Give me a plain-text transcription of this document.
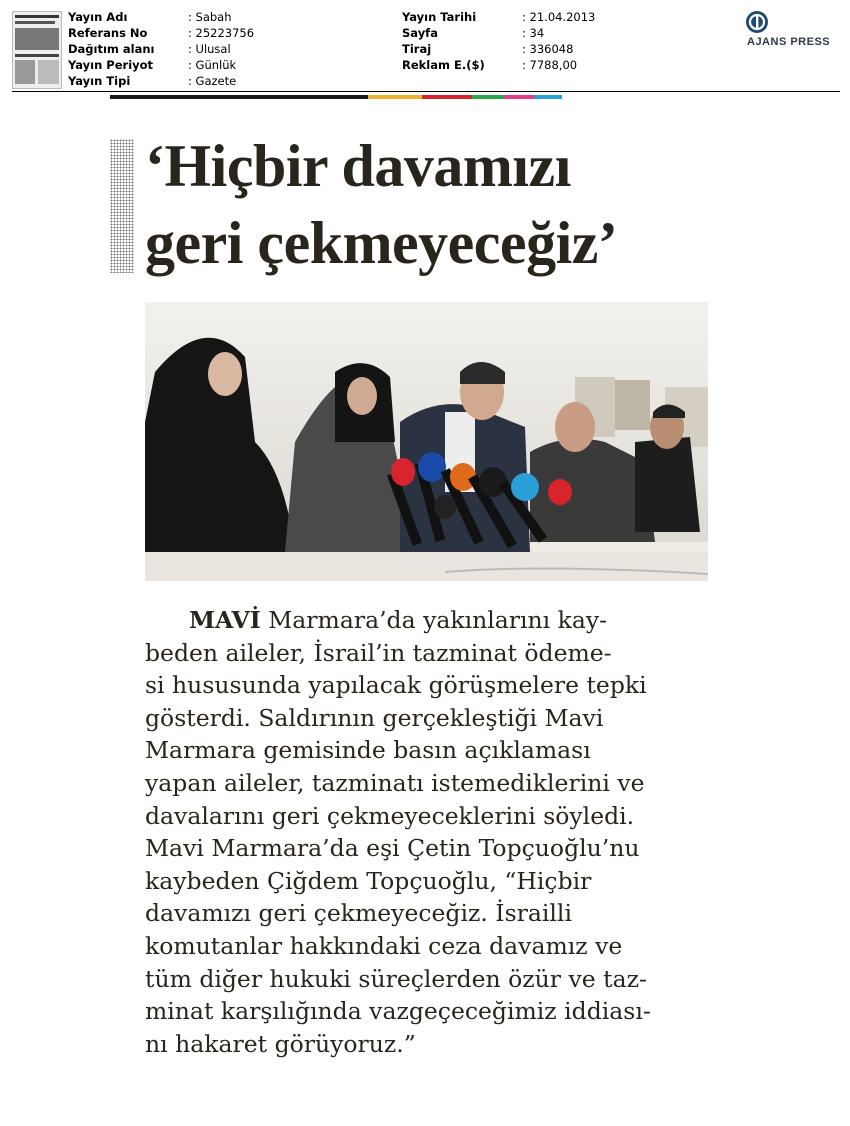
Yayın Adı	: Sabah
Referans No	: 25223756
Dağıtım alanı	: Ulusal
Yayın Periyot	: Günlük
Yayın Tipi	: Gazete
Yayın Tarihi	: 21.04.2013
Sayfa	: 34
Tiraj	: 336048
Reklam E.($)	: 7788,00
AJANS PRESS
‘Hiçbir davamızı
geri çekmeyeceğiz’
MAVİ Marmara’da yakınlarını kay-
beden aileler, İsrail’in tazminat ödeme-
si hususunda yapılacak görüşmelere tepki
gösterdi. Saldırının gerçekleştiği Mavi
Marmara gemisinde basın açıklaması
yapan aileler, tazminatı istemediklerini ve
davalarını geri çekmeyeceklerini söyledi.
Mavi Marmara’da eşi Çetin Topçuoğlu’nu
kaybeden Çiğdem Topçuoğlu, “Hiçbir
davamızı geri çekmeyeceğiz. İsrailli
komutanlar hakkındaki ceza davamız ve
tüm diğer hukuki süreçlerden özür ve taz-
minat karşılığında vazgeçeceğimiz iddiası-
nı hakaret görüyoruz.”
